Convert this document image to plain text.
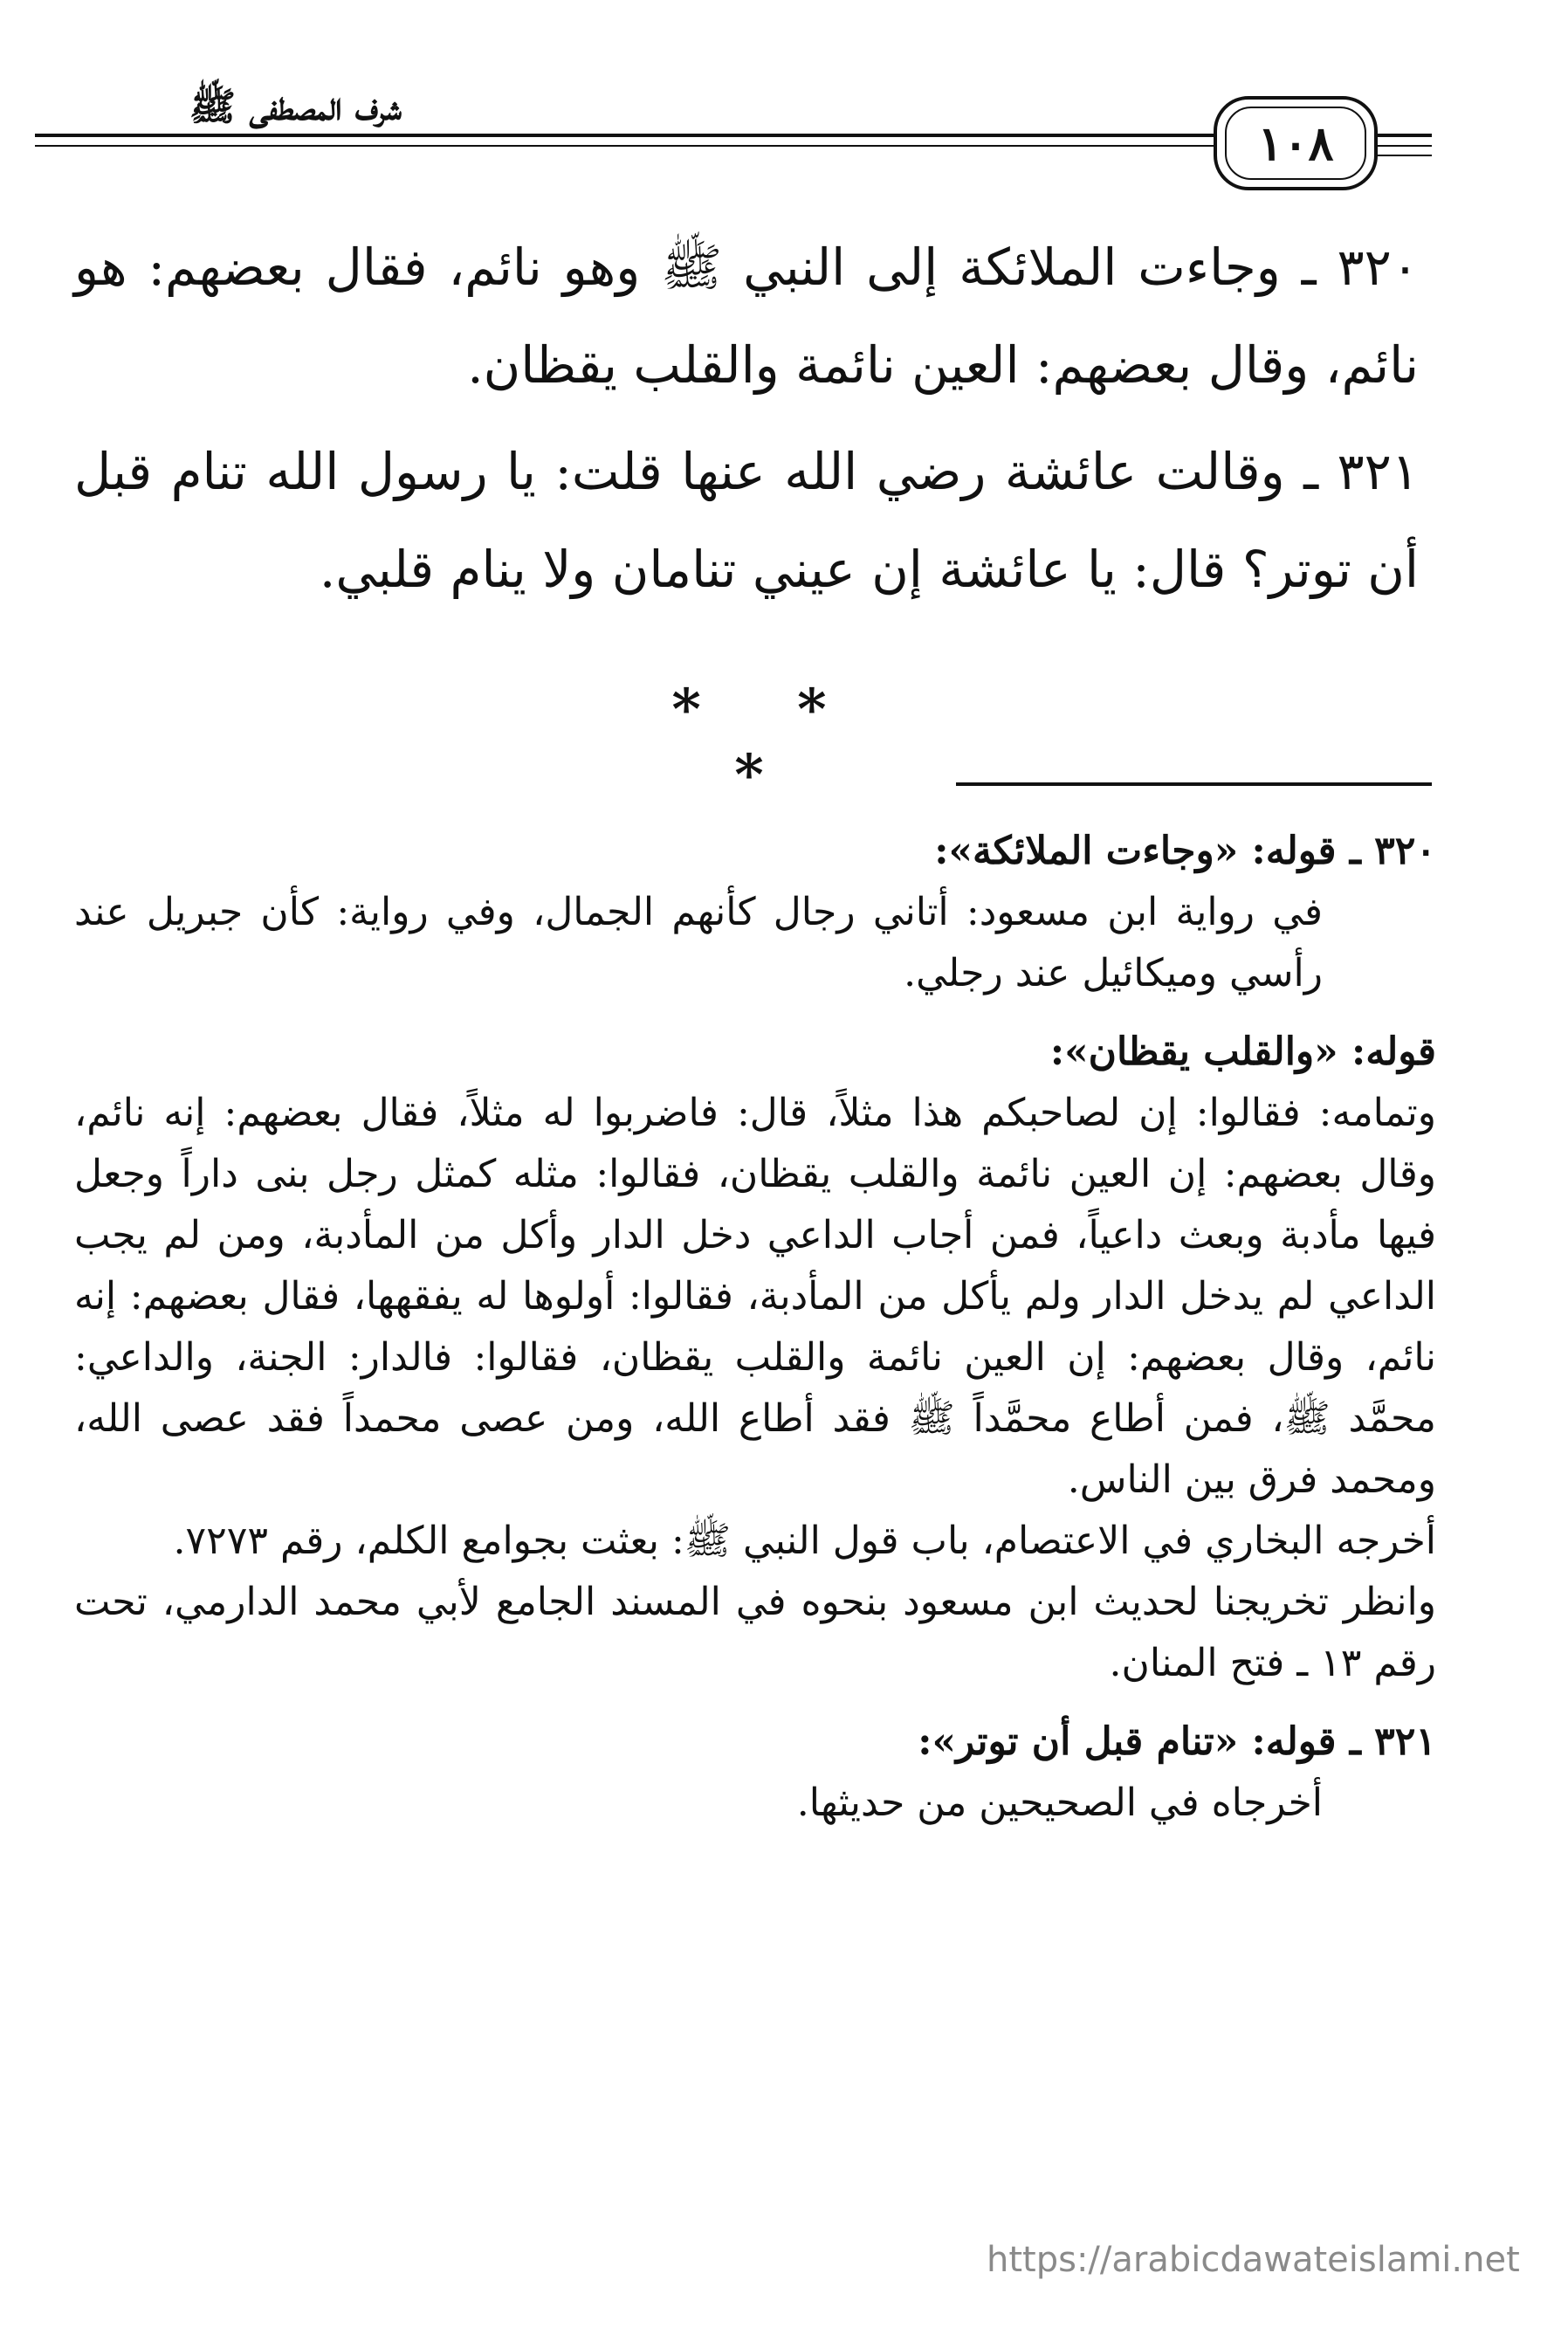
١٠٨
شرف المصطفى ﷺ

٣٢٠ ـ وجاءت الملائكة إلى النبي ﷺ وهو نائم، فقال بعضهم: هو نائم، وقال بعضهم: العين نائمة والقلب يقظان.

٣٢١ ـ وقالت عائشة رضي الله عنها قلت: يا رسول الله تنام قبل أن توتر؟ قال: يا عائشة إن عيني تنامان ولا ينام قلبي.

* * *

٣٢٠ ـ قوله: «وجاءت الملائكة»:

في رواية ابن مسعود: أتاني رجال كأنهم الجمال، وفي رواية: كأن جبريل عند رأسي وميكائيل عند رجلي.

قوله: «والقلب يقظان»:

وتمامه: فقالوا: إن لصاحبكم هذا مثلاً، قال: فاضربوا له مثلاً، فقال بعضهم: إنه نائم، وقال بعضهم: إن العين نائمة والقلب يقظان، فقالوا: مثله كمثل رجل بنى داراً وجعل فيها مأدبة وبعث داعياً، فمن أجاب الداعي دخل الدار وأكل من المأدبة، ومن لم يجب الداعي لم يدخل الدار ولم يأكل من المأدبة، فقالوا: أولوها له يفقهها، فقال بعضهم: إنه نائم، وقال بعضهم: إن العين نائمة والقلب يقظان، فقالوا: فالدار: الجنة، والداعي: محمَّد ﷺ، فمن أطاع محمَّداً ﷺ فقد أطاع الله، ومن عصى محمداً فقد عصى الله، ومحمد فرق بين الناس.

أخرجه البخاري في الاعتصام، باب قول النبي ﷺ: بعثت بجوامع الكلم، رقم ٧٢٧٣.

وانظر تخريجنا لحديث ابن مسعود بنحوه في المسند الجامع لأبي محمد الدارمي، تحت رقم ١٣ ـ فتح المنان.

٣٢١ ـ قوله: «تنام قبل أن توتر»:

أخرجاه في الصحيحين من حديثها.

https://arabicdawateislami.net
